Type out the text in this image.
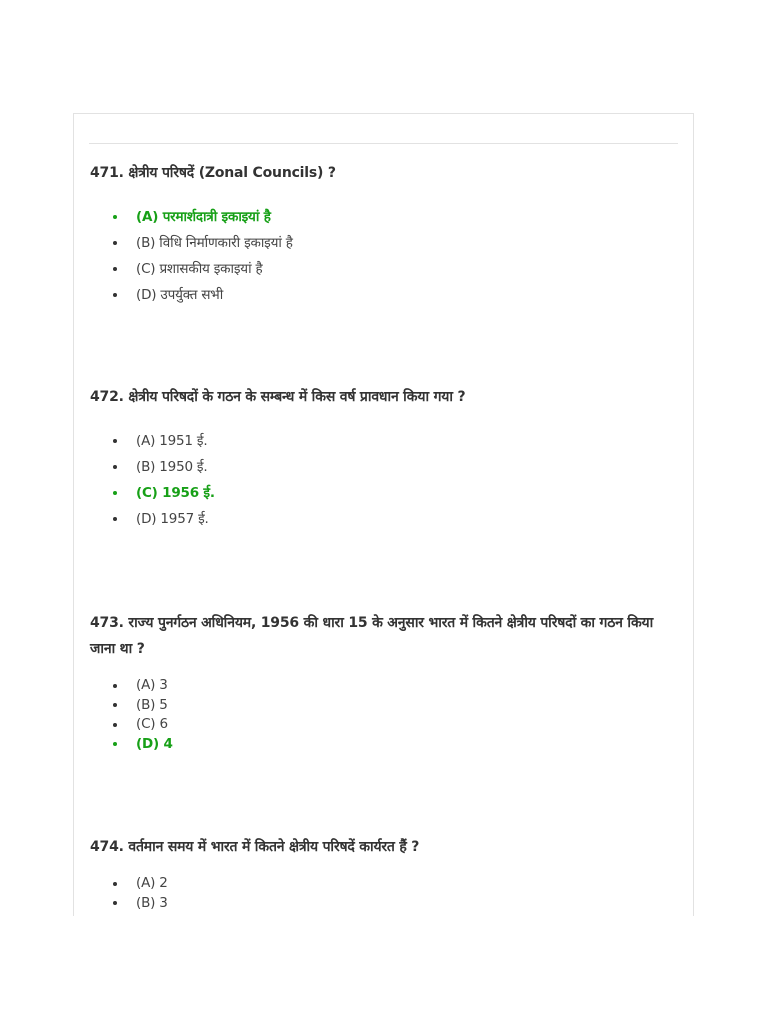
471. क्षेत्रीय परिषदें (Zonal Councils) ?

(A) परमार्शदात्री इकाइयां है
(B) विधि निर्माणकारी इकाइयां है
(C) प्रशासकीय इकाइयां है
(D) उपर्युक्त सभी

472. क्षेत्रीय परिषदों के गठन के सम्बन्ध में किस वर्ष प्रावधान किया गया ?

(A) 1951 ई.
(B) 1950 ई.
(C) 1956 ई.
(D) 1957 ई.

473. राज्य पुनर्गठन अधिनियम, 1956 की धारा 15 के अनुसार भारत में कितने क्षेत्रीय परिषदों का गठन किया जाना था ?

(A) 3
(B) 5
(C) 6
(D) 4

474. वर्तमान समय में भारत में कितने क्षेत्रीय परिषदें कार्यरत हैं ?

(A) 2
(B) 3
